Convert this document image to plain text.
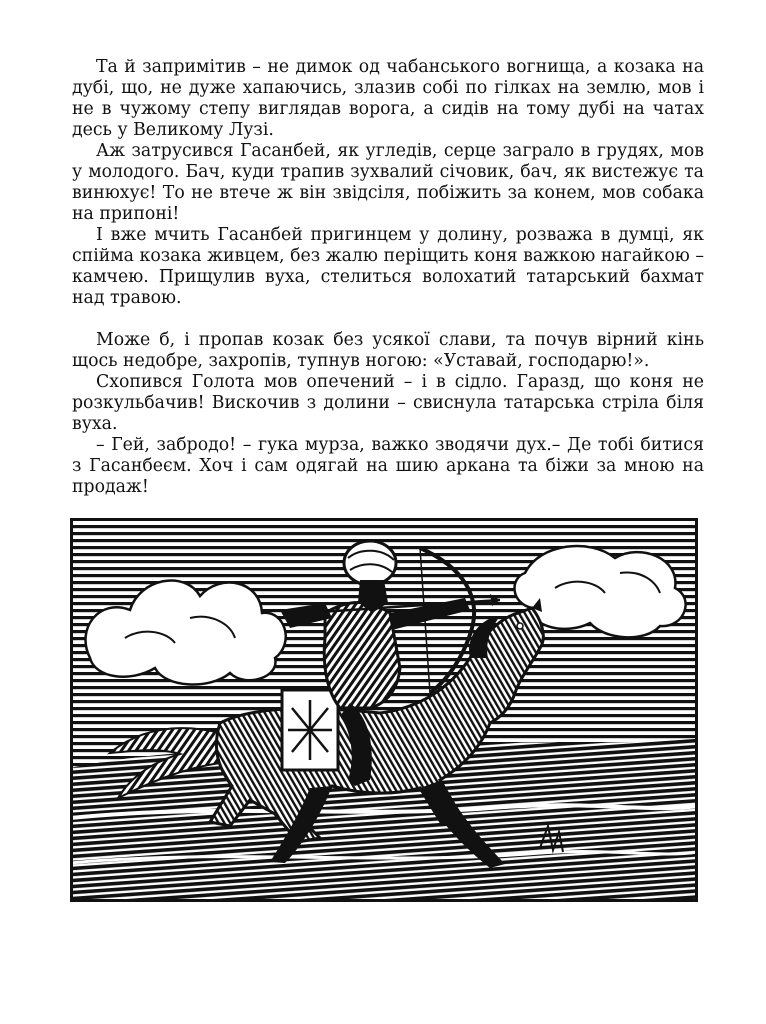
Та й запримітив – не димок од чабанського вогнища, а козака на дубі, що, не дуже хапаючись, злазив собі по гілках на землю, мов і не в чужому степу виглядав ворога, а сидів на тому дубі на чатах десь у Великому Лузі.

Аж затрусився Гасанбей, як угледів, серце заграло в грудях, мов у молодого. Бач, куди трапив зухвалий січовик, бач, як вистежує та винюхує! То не втече ж він звідсіля, побіжить за конем, мов собака на припоні!

І вже мчить Гасанбей пригинцем у долину, розважа в думці, як спійма козака живцем, без жалю періщить коня важкою нагайкою – камчею. Прищулив вуха, стелиться волохатий татарський бахмат над травою.

Може б, і пропав козак без усякої слави, та почув вірний кінь щось недобре, захропів, тупнув ногою: «Уставай, господарю!».

Схопився Голота мов опечений – і в сідло. Гаразд, що коня не розкульбачив! Вискочив з долини – свиснула татарська стріла біля вуха.

– Гей, забродо! – гука мурза, важко зводячи дух.– Де тобі битися з Гасанбеєм. Хоч і сам одягай на шию аркана та біжи за мною на продаж!
